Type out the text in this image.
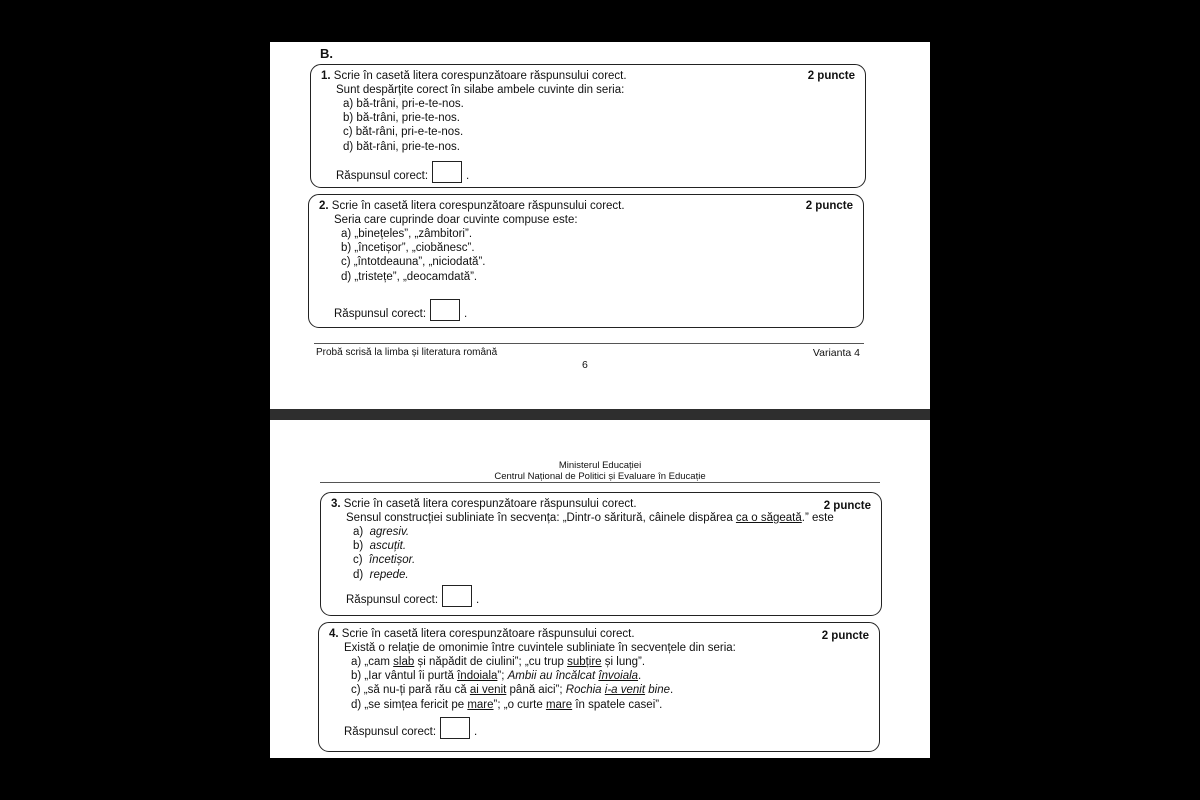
B.
1. Scrie în casetă litera corespunzătoare răspunsului corect.	2 puncte
Sunt despărțite corect în silabe ambele cuvinte din seria:
a) bă-trâni, pri-e-te-nos.
b) bă-trâni, prie-te-nos.
c) băt-râni, pri-e-te-nos.
d) băt-râni, prie-te-nos.
Răspunsul corect:	.
2. Scrie în casetă litera corespunzătoare răspunsului corect.	2 puncte
Seria care cuprinde doar cuvinte compuse este:
a) „binețeles”, „zâmbitori”.
b) „încetișor”, „ciobănesc”.
c) „întotdeauna”, „niciodată”.
d) „tristețe”, „deocamdată”.
Răspunsul corect:	.
Probă scrisă la limba și literatura română	Varianta 4
6
Ministerul Educației
Centrul Național de Politici și Evaluare în Educație
3. Scrie în casetă litera corespunzătoare răspunsului corect.	2 puncte
Sensul construcției subliniate în secvența: „Dintr-o săritură, câinele dispărea ca o săgeată.” este
a) agresiv.
b) ascuțit.
c) încetișor.
d) repede.
Răspunsul corect:	.
4. Scrie în casetă litera corespunzătoare răspunsului corect.	2 puncte
Există o relație de omonimie între cuvintele subliniate în secvențele din seria:
a) „cam slab și năpădit de ciulini”; „cu trup subțire și lung”.
b) „Iar vântul îi purtă îndoiala”; Ambii au încălcat învoiala.
c) „să nu-ți pară rău că ai venit până aici”; Rochia i-a venit bine.
d) „se simțea fericit pe mare”; „o curte mare în spatele casei”.
Răspunsul corect:	.
